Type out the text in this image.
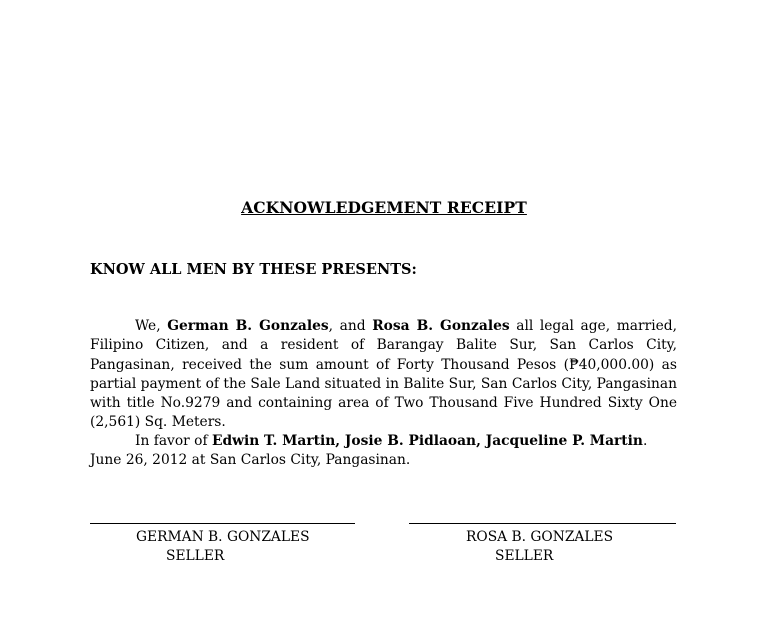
ACKNOWLEDGEMENT RECEIPT
KNOW ALL MEN BY THESE PRESENTS:
We, German B. Gonzales, and Rosa B. Gonzales all legal age, married, Filipino Citizen, and a resident of Barangay Balite Sur, San Carlos City, Pangasinan, received the sum amount of Forty Thousand Pesos (₱40,000.00) as partial payment of the Sale Land situated in Balite Sur, San Carlos City, Pangasinan with title No.9279 and containing area of Two Thousand Five Hundred Sixty One (2,561) Sq. Meters.
In favor of Edwin T. Martin, Josie B. Pidlaoan, Jacqueline P. Martin.
June 26, 2012 at San Carlos City, Pangasinan.
GERMAN B. GONZALES
SELLER
ROSA B. GONZALES
SELLER
